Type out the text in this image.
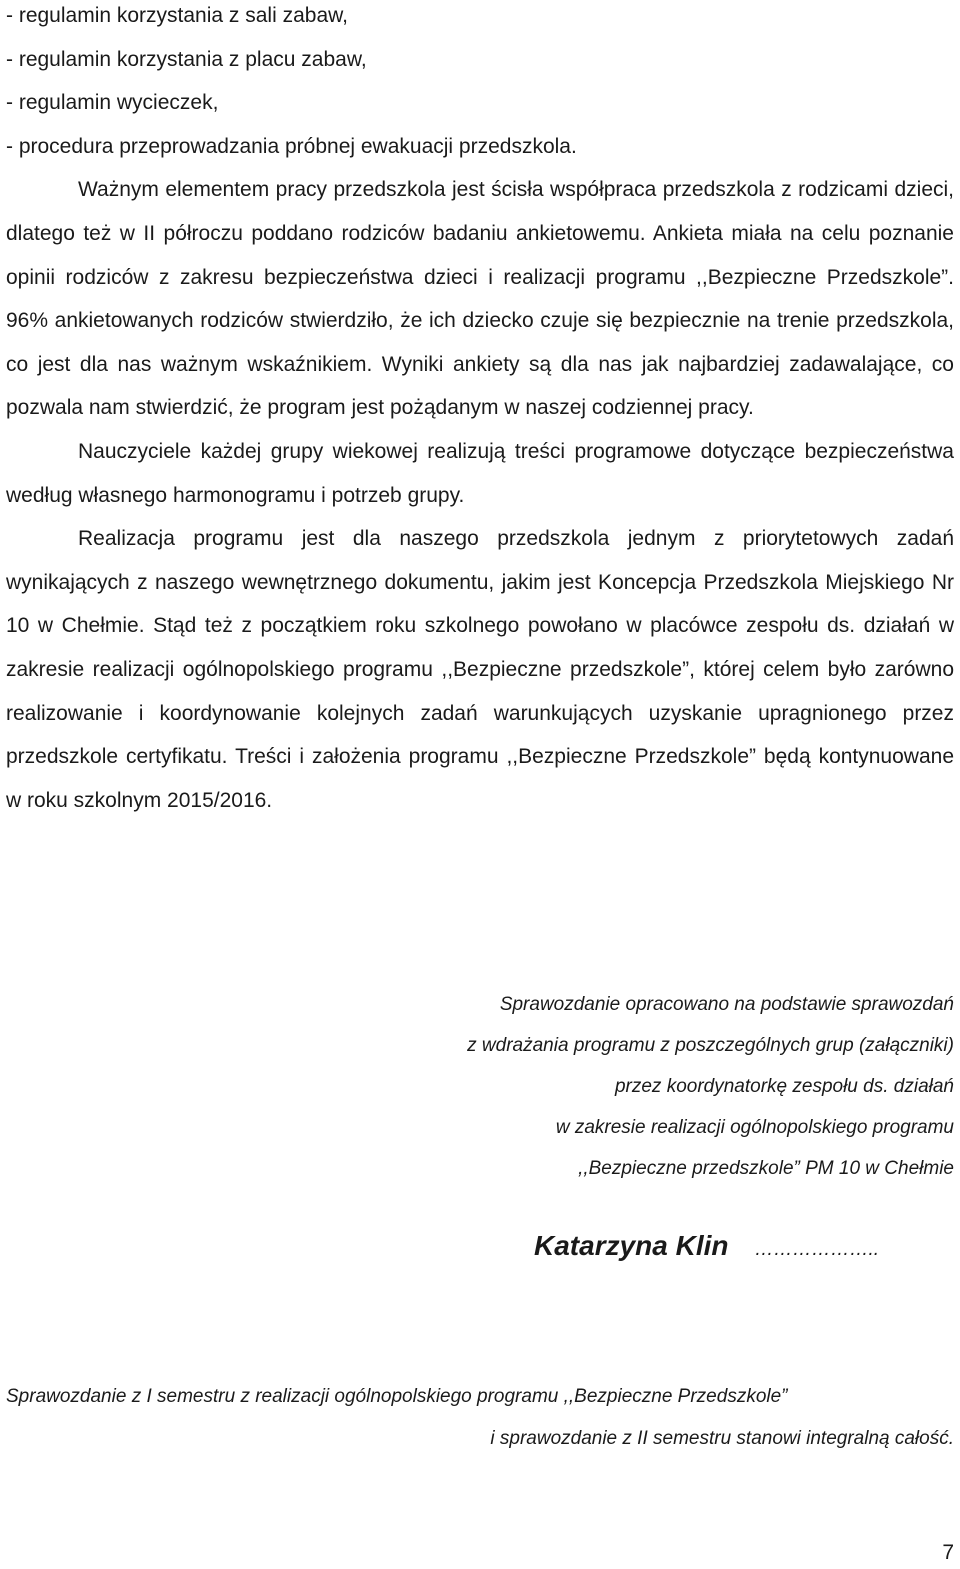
- regulamin korzystania z sali zabaw,

- regulamin korzystania z placu zabaw,

- regulamin wycieczek,

- procedura przeprowadzania próbnej ewakuacji przedszkola.

Ważnym elementem pracy przedszkola jest ścisła współpraca przedszkola z rodzicami dzieci, dlatego też w II półroczu poddano rodziców badaniu ankietowemu. Ankieta miała na celu poznanie opinii rodziców z zakresu bezpieczeństwa dzieci i realizacji programu ,,Bezpieczne Przedszkole”. 96% ankietowanych rodziców stwierdziło, że ich dziecko czuje się bezpiecznie na trenie przedszkola, co jest dla nas ważnym wskaźnikiem. Wyniki ankiety są dla nas jak najbardziej zadawalające, co pozwala nam stwierdzić, że program jest pożądanym w naszej codziennej pracy.

Nauczyciele każdej grupy wiekowej realizują treści programowe dotyczące bezpieczeństwa według własnego harmonogramu i potrzeb grupy.

Realizacja programu jest dla naszego przedszkola jednym z priorytetowych zadań wynikających z naszego wewnętrznego dokumentu, jakim jest Koncepcja Przedszkola Miejskiego Nr 10 w Chełmie. Stąd też z początkiem roku szkolnego powołano w placówce zespołu ds. działań w zakresie realizacji ogólnopolskiego programu ,,Bezpieczne przedszkole”, której celem było zarówno realizowanie i koordynowanie kolejnych zadań warunkujących uzyskanie upragnionego przez przedszkole certyfikatu. Treści i założenia programu ,,Bezpieczne Przedszkole” będą kontynuowane w roku szkolnym 2015/2016.

Sprawozdanie opracowano na podstawie sprawozdań

z wdrażania programu z poszczególnych grup (załączniki)

przez koordynatorkę zespołu ds. działań

w zakresie realizacji ogólnopolskiego programu

,,Bezpieczne przedszkole” PM 10 w Chełmie

Katarzyna Klin ………………..

Sprawozdanie z I semestru z realizacji ogólnopolskiego programu ,,Bezpieczne Przedszkole”

i sprawozdanie z II semestru stanowi integralną całość.

7
